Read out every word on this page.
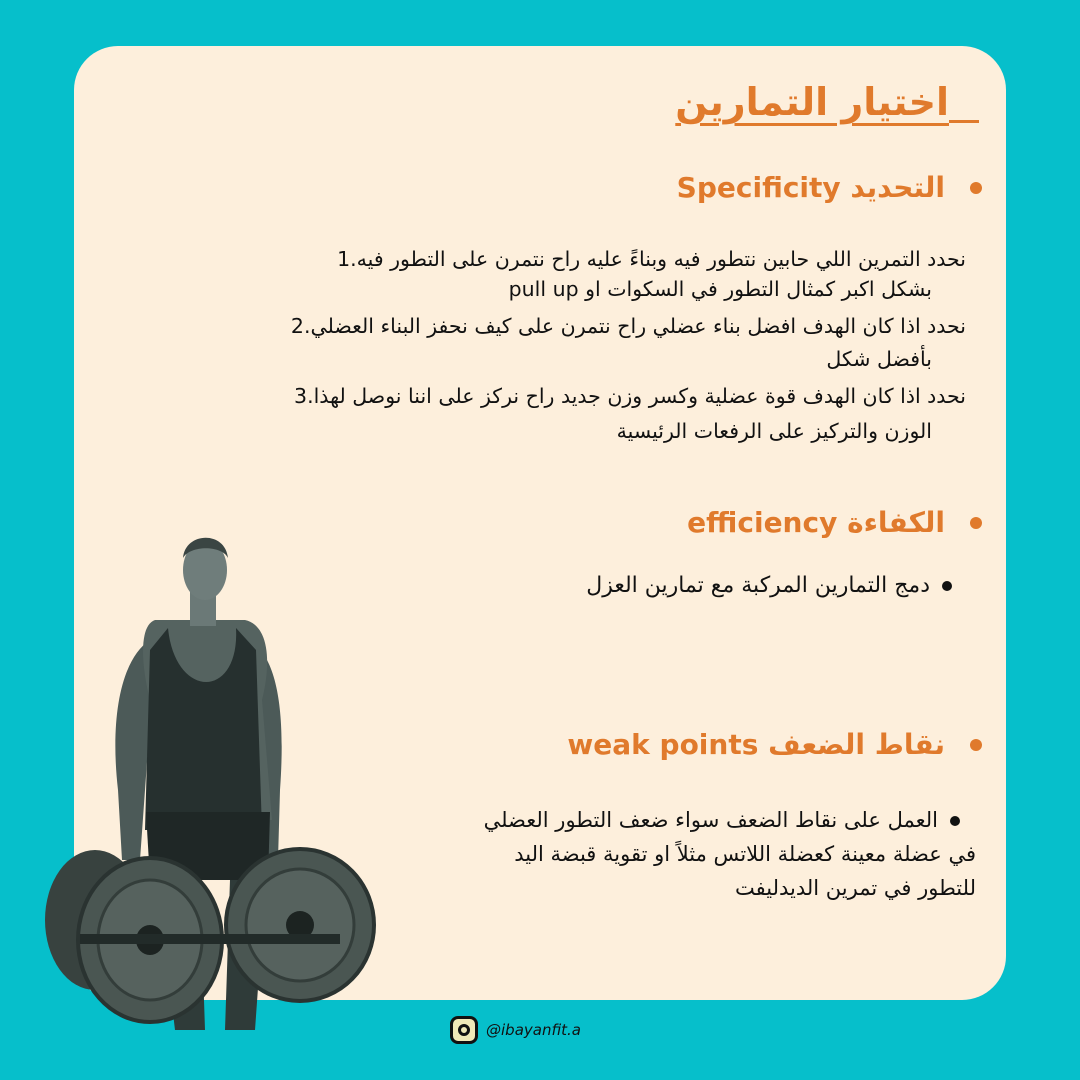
اختيار التمارين
التحديد Specificity
نحدد التمرين اللي حابين نتطور فيه وبناءً عليه راح نتمرن على التطور فيه.1
بشكل اكبر كمثال التطور في السكوات او pull up
نحدد اذا كان الهدف افضل بناء عضلي راح نتمرن على كيف نحفز البناء العضلي.2
بأفضل شكل
نحدد اذا كان الهدف قوة عضلية وكسر وزن جديد راح نركز على اننا نوصل لهذا.3
الوزن والتركيز على الرفعات الرئيسية
الكفاءة efficiency
دمج التمارين المركبة مع تمارين العزل
نقاط الضعف weak points
العمل على نقاط الضعف سواء ضعف التطور العضلي
في عضلة معينة كعضلة اللاتس مثلاً او تقوية قبضة اليد
للتطور في تمرين الديدليفت
@ibayanfit.a
